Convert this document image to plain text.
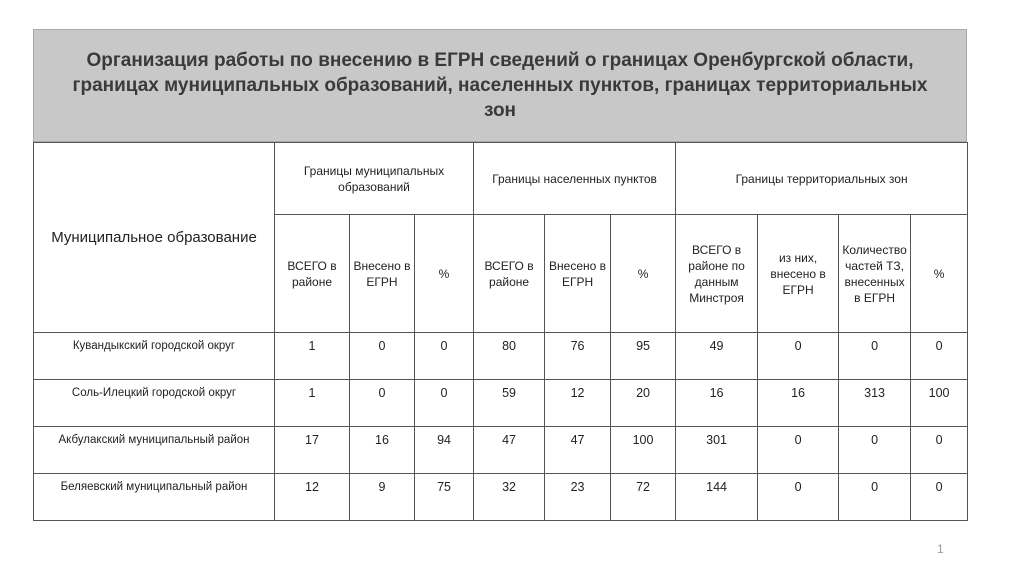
Организация работы по внесению в ЕГРН сведений о границах Оренбургской области, границах муниципальных образований, населенных пунктов, границах территориальных зон
Муниципальное образование	Границы муниципальных образований			Границы населенных пунктов			Границы территориальных зон			
	ВСЕГО в районе	Внесено в ЕГРН	%	ВСЕГО в районе	Внесено в ЕГРН	%	ВСЕГО в районе по данным Минстроя	из них, внесено в ЕГРН	Количество частей ТЗ, внесенных в ЕГРН	%
Кувандыкский городской округ	1	0	0	80	76	95	49	0	0	0
Соль-Илецкий городской округ	1	0	0	59	12	20	16	16	313	100
Акбулакский муниципальный район	17	16	94	47	47	100	301	0	0	0
Беляевский муниципальный район	12	9	75	32	23	72	144	0	0	0
1
